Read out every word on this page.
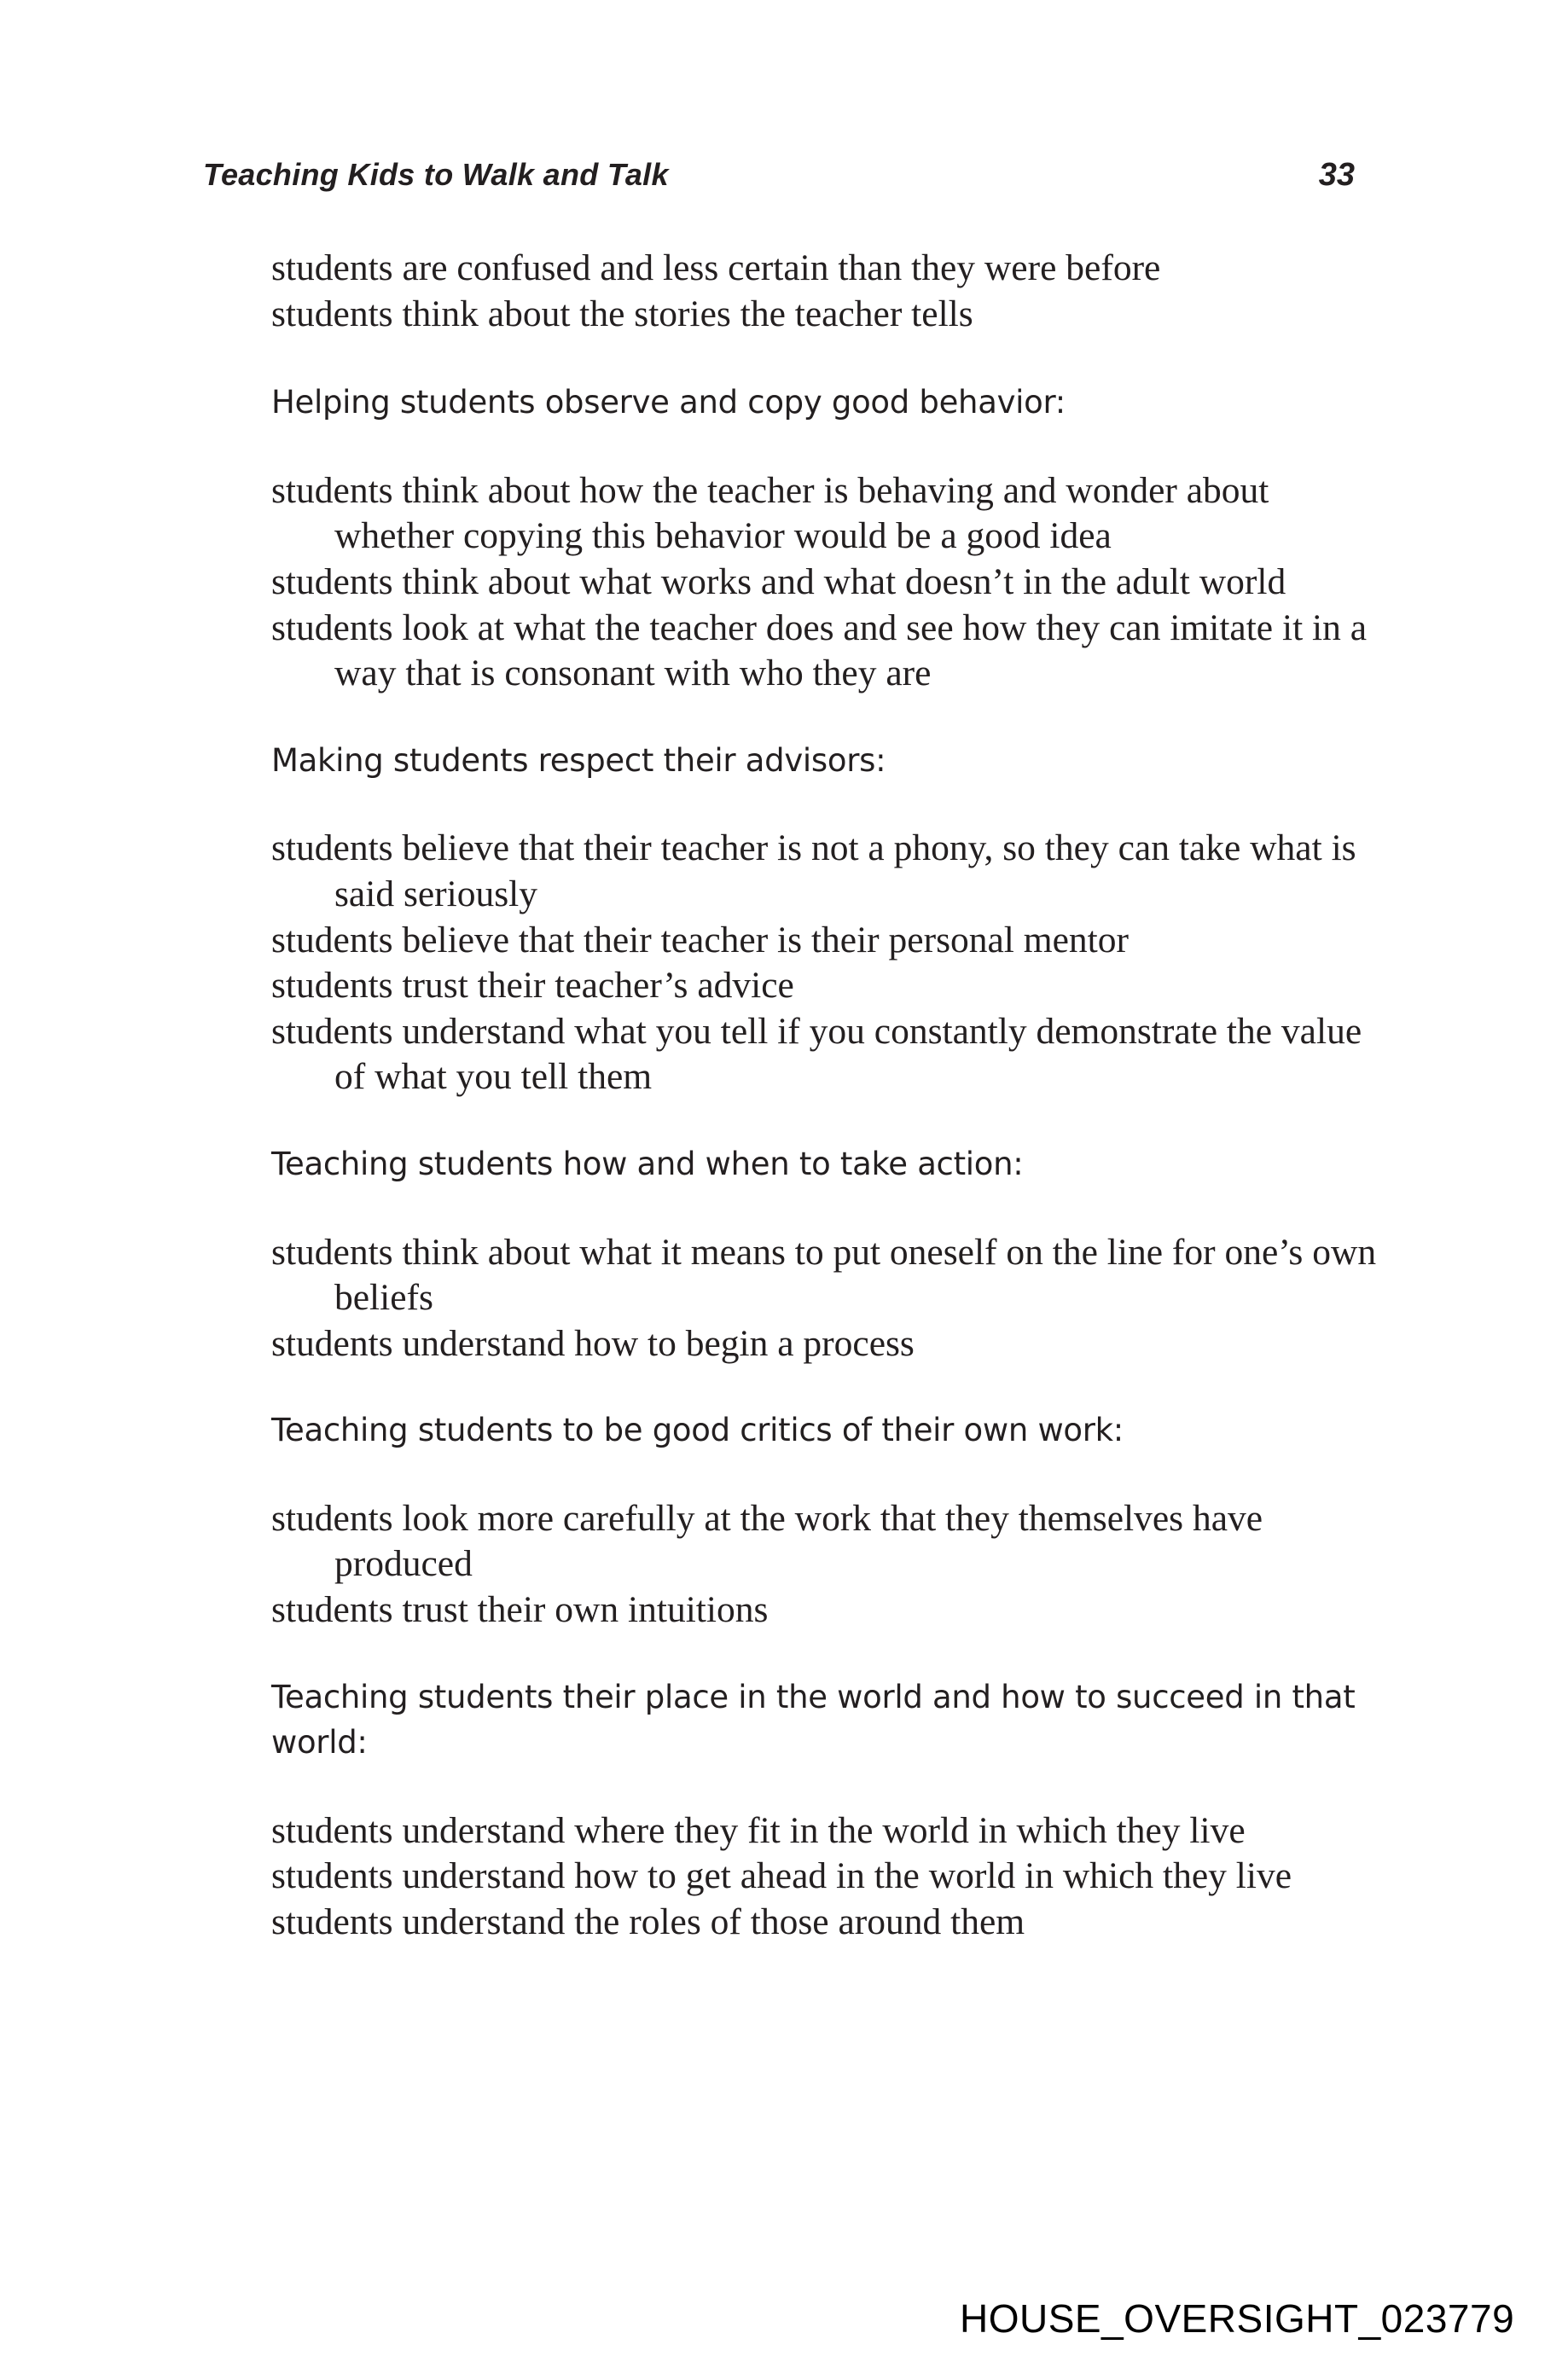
Teaching Kids to Walk and Talk	33

students are confused and less certain than they were before

students think about the stories the teacher tells

Helping students observe and copy good behavior:

students think about how the teacher is behaving and wonder about whether copying this behavior would be a good idea

students think about what works and what doesn’t in the adult world

students look at what the teacher does and see how they can imitate it in a way that is consonant with who they are

Making students respect their advisors:

students believe that their teacher is not a phony, so they can take what is said seriously

students believe that their teacher is their personal mentor

students trust their teacher’s advice

students understand what you tell if you constantly demonstrate the value of what you tell them

Teaching students how and when to take action:

students think about what it means to put oneself on the line for one’s own beliefs

students understand how to begin a process

Teaching students to be good critics of their own work:

students look more carefully at the work that they themselves have produced

students trust their own intuitions

Teaching students their place in the world and how to succeed in that world:

students understand where they fit in the world in which they live

students understand how to get ahead in the world in which they live

students understand the roles of those around them

HOUSE_OVERSIGHT_023779
